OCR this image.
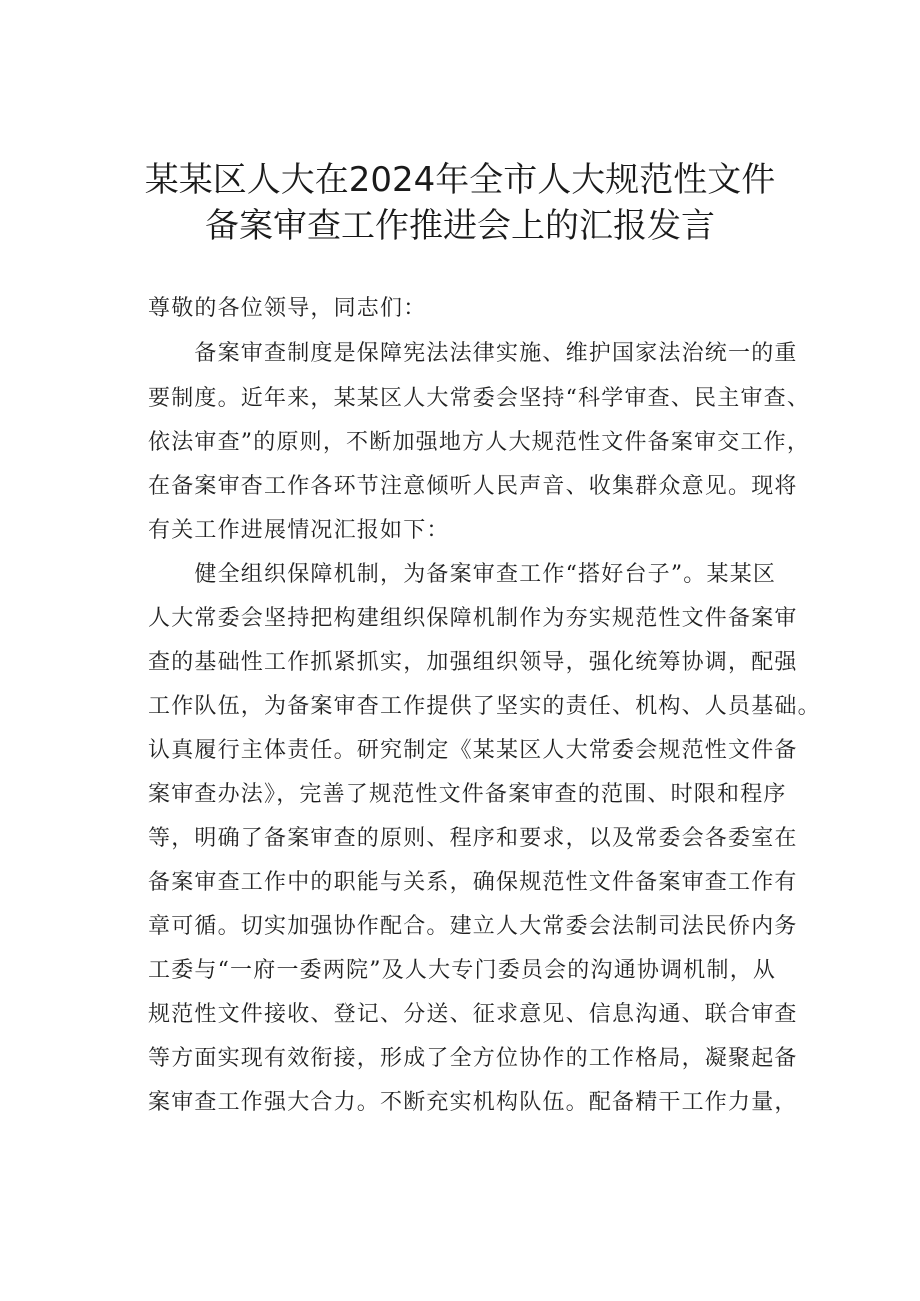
某某区人大在2024年全市人大规范性文件
备案审查工作推进会上的汇报发言
尊敬的各位领导，同志们：
　　备案审查制度是保障宪法法律实施、维护国家法治统一的重
要制度。近年来，某某区人大常委会坚持“科学审查、民主审查、
依法审查”的原则，不断加强地方人大规范性文件备案审交工作，
在备案审杳工作各环节注意倾听人民声音、收集群众意见。现将
有关工作进展情况汇报如下：
　　健全组织保障机制，为备案审查工作“搭好台子”。某某区
人大常委会坚持把构建组织保障机制作为夯实规范性文件备案审
查的基础性工作抓紧抓实，加强组织领导，强化统筹协调，配强
工作队伍，为备案审杳工作提供了坚实的责任、机构、人员基础。
认真履行主体责任。研究制定《某某区人大常委会规范性文件备
案审查办法》，完善了规范性文件备案审查的范围、时限和程序
等，明确了备案审查的原则、程序和要求，以及常委会各委室在
备案审查工作中的职能与关系，确保规范性文件备案审查工作有
章可循。切实加强协作配合。建立人大常委会法制司法民侨内务
工委与“一府一委两院”及人大专门委员会的沟通协调机制，从
规范性文件接收、登记、分送、征求意见、信息沟通、联合审查
等方面实现有效衔接，形成了全方位协作的工作格局，凝聚起备
案审查工作强大合力。不断充实机构队伍。配备精干工作力量，
